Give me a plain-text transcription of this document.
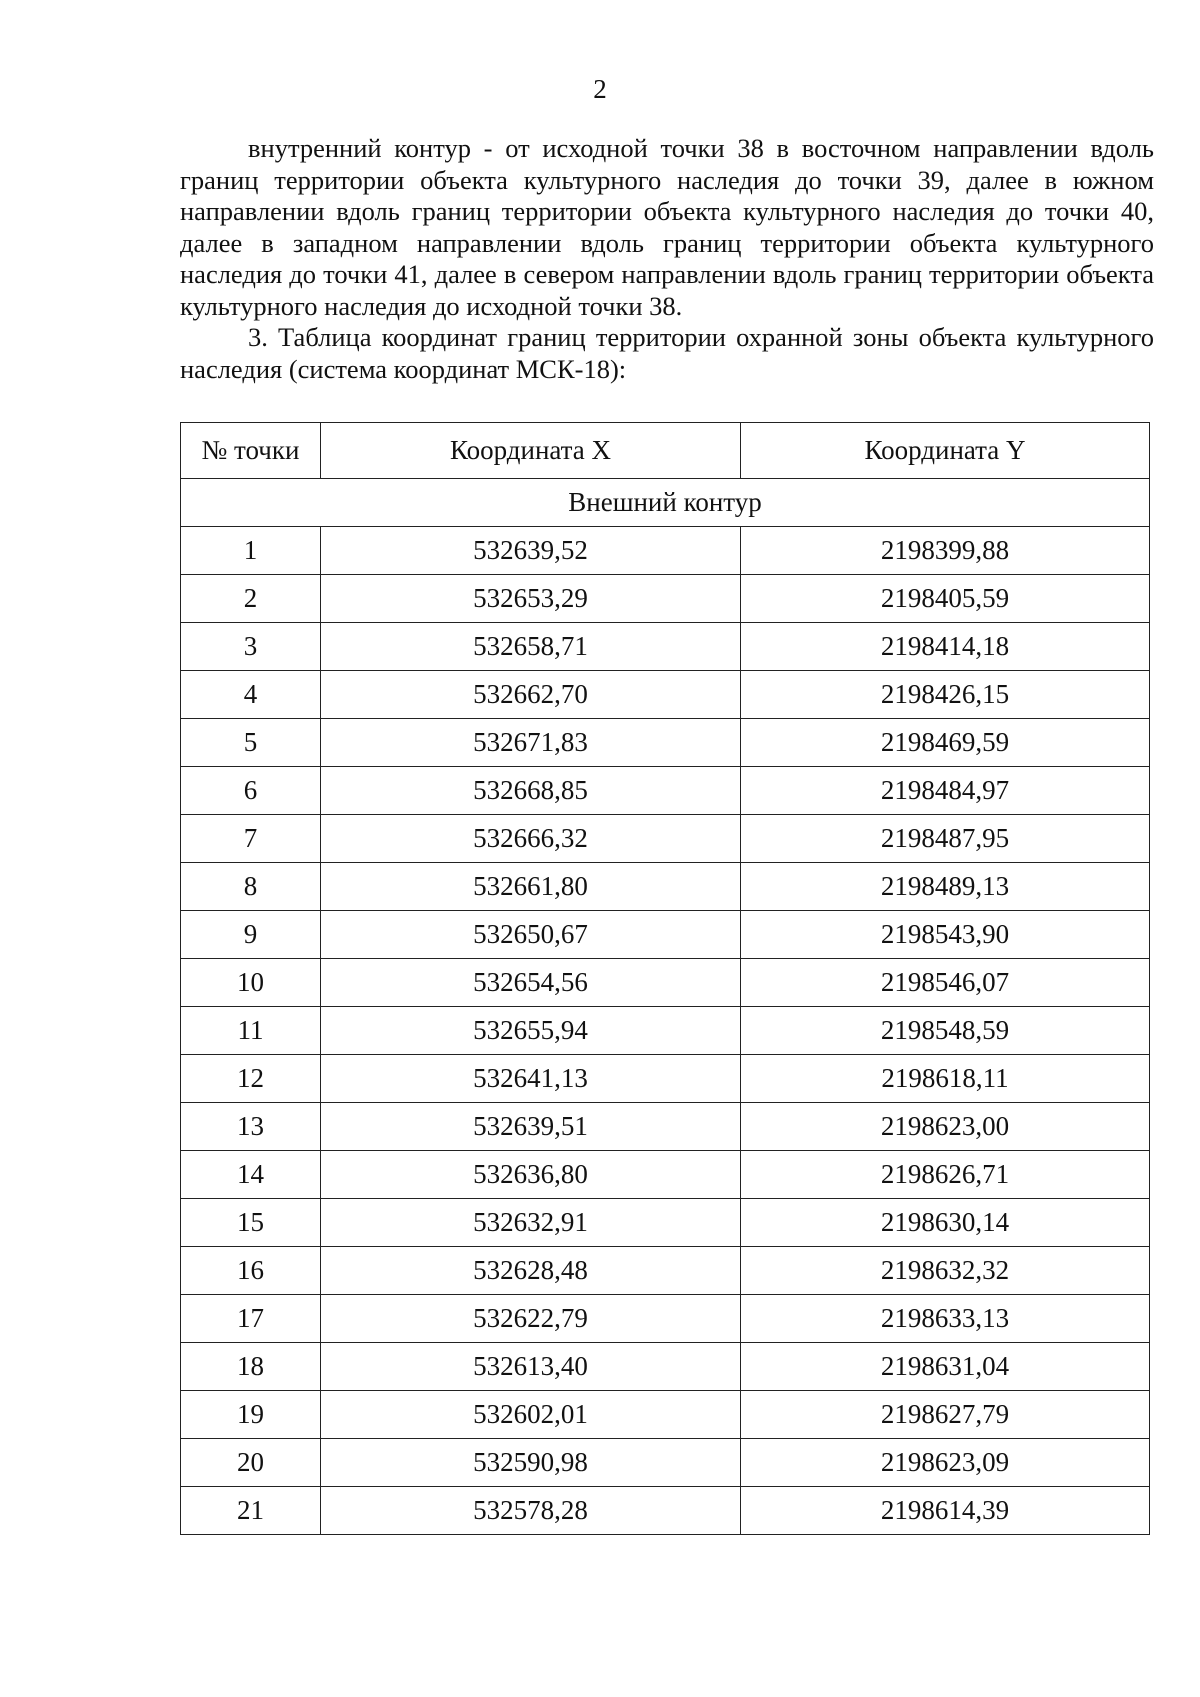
2

внутренний контур - от исходной точки 38 в восточном направлении вдоль границ территории объекта культурного наследия до точки 39, далее в южном направлении вдоль границ территории объекта культурного наследия до точки 40, далее в западном направлении вдоль границ территории объекта культурного наследия до точки 41, далее в севером направлении вдоль границ территории объекта культурного наследия до исходной точки 38.

3. Таблица координат границ территории охранной зоны объекта культурного наследия (система координат МСК-18):

№ точки	Координата X	Координата Y
Внешний контур		
1	532639,52	2198399,88
2	532653,29	2198405,59
3	532658,71	2198414,18
4	532662,70	2198426,15
5	532671,83	2198469,59
6	532668,85	2198484,97
7	532666,32	2198487,95
8	532661,80	2198489,13
9	532650,67	2198543,90
10	532654,56	2198546,07
11	532655,94	2198548,59
12	532641,13	2198618,11
13	532639,51	2198623,00
14	532636,80	2198626,71
15	532632,91	2198630,14
16	532628,48	2198632,32
17	532622,79	2198633,13
18	532613,40	2198631,04
19	532602,01	2198627,79
20	532590,98	2198623,09
21	532578,28	2198614,39
